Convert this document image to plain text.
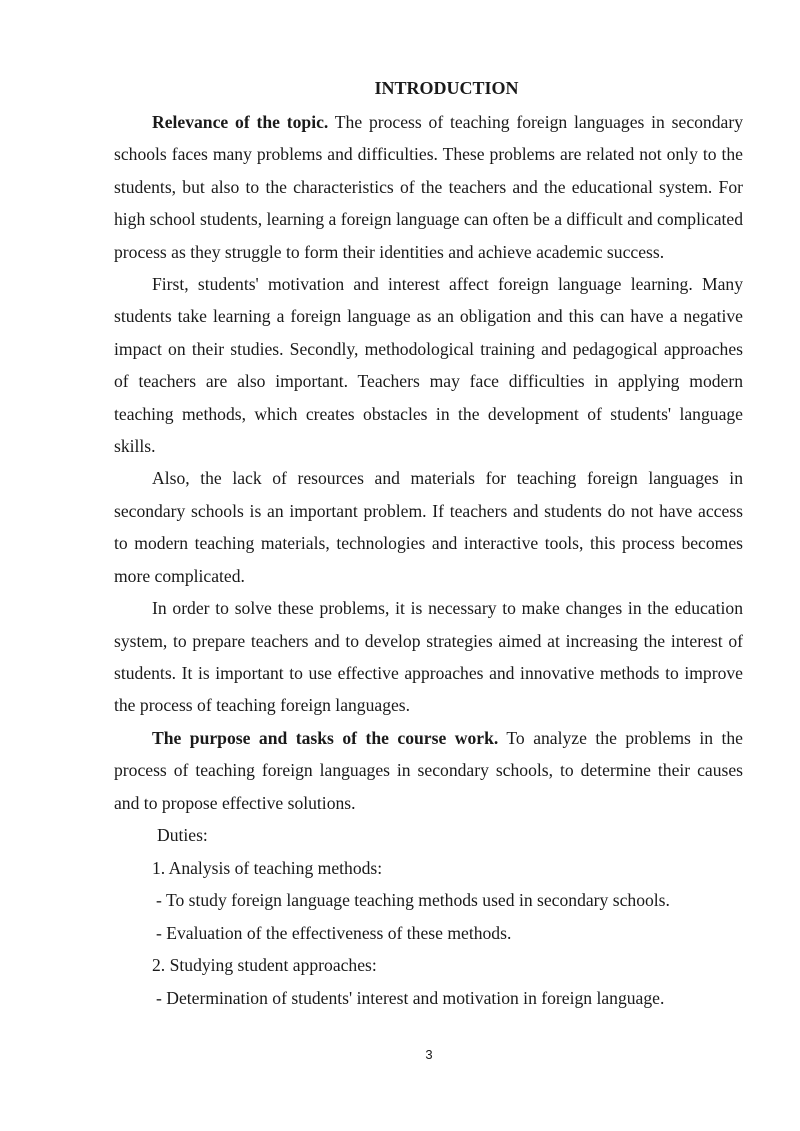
INTRODUCTION

Relevance of the topic. The process of teaching foreign languages in secondary schools faces many problems and difficulties. These problems are related not only to the students, but also to the characteristics of the teachers and the educational system. For high school students, learning a foreign language can often be a difficult and complicated process as they struggle to form their identities and achieve academic success.

First, students' motivation and interest affect foreign language learning. Many students take learning a foreign language as an obligation and this can have a negative impact on their studies. Secondly, methodological training and pedagogical approaches of teachers are also important. Teachers may face difficulties in applying modern teaching methods, which creates obstacles in the development of students' language skills.

Also, the lack of resources and materials for teaching foreign languages in secondary schools is an important problem. If teachers and students do not have access to modern teaching materials, technologies and interactive tools, this process becomes more complicated.

In order to solve these problems, it is necessary to make changes in the education system, to prepare teachers and to develop strategies aimed at increasing the interest of students. It is important to use effective approaches and innovative methods to improve the process of teaching foreign languages.

The purpose and tasks of the course work. To analyze the problems in the process of teaching foreign languages in secondary schools, to determine their causes and to propose effective solutions.

Duties:
1. Analysis of teaching methods:
- To study foreign language teaching methods used in secondary schools.
- Evaluation of the effectiveness of these methods.
2. Studying student approaches:
- Determination of students' interest and motivation in foreign language.
3
